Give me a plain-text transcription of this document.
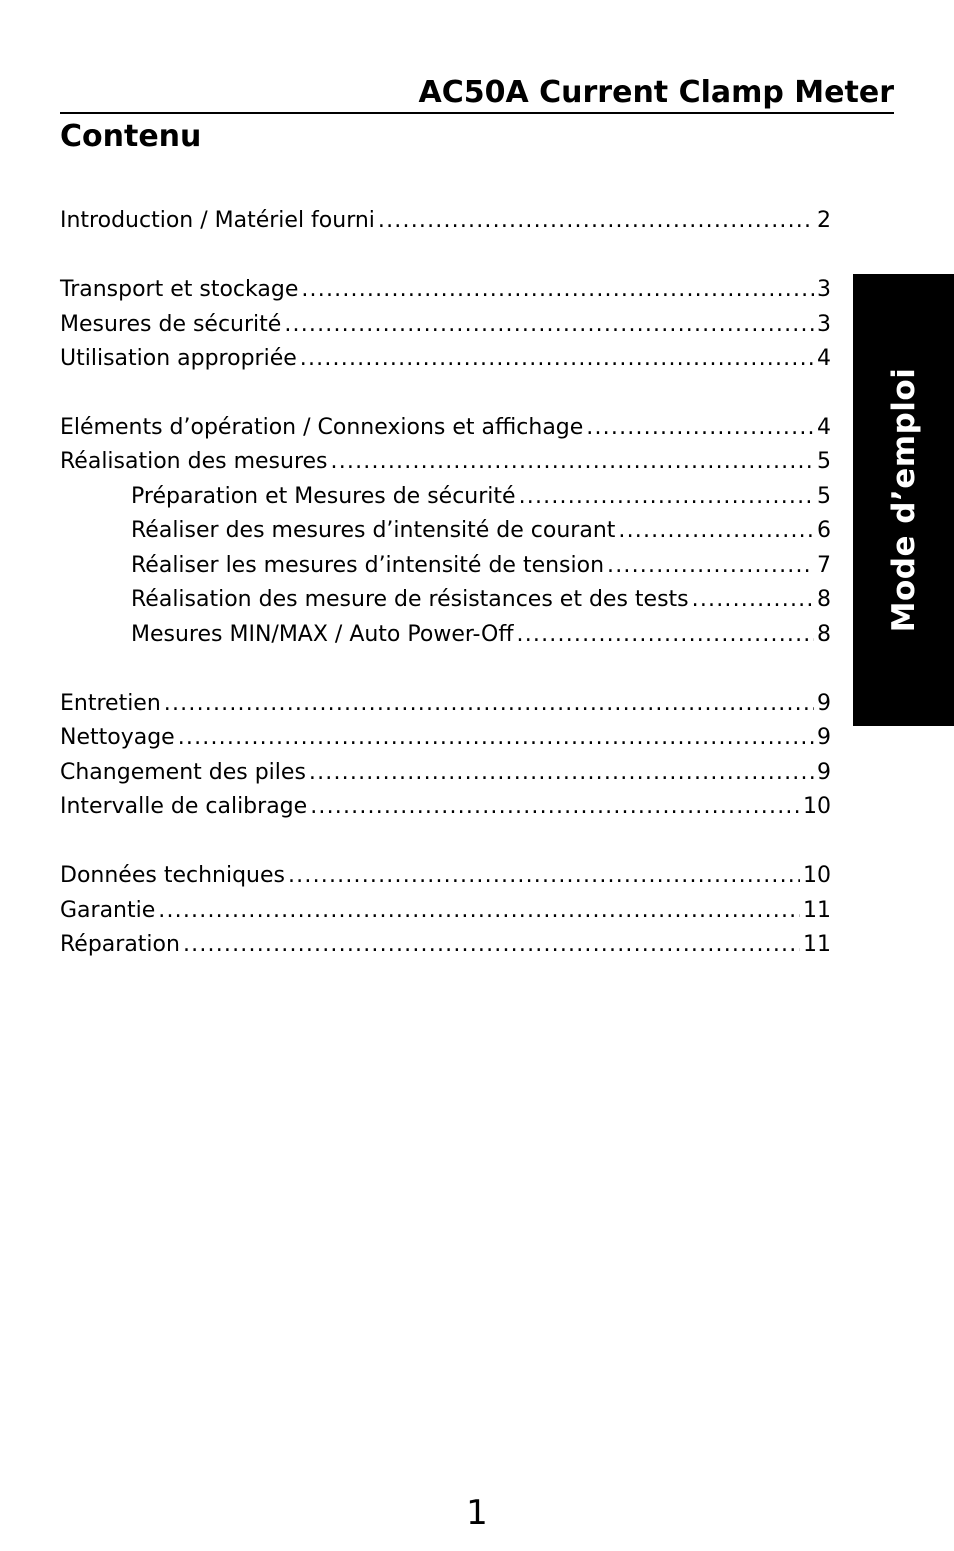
AC50A Current Clamp Meter
Contenu
Mode d’emploi
Introduction / Matériel fourni .....	2
Transport et stockage .....	3
Mesures de sécurité .....	3
Utilisation appropriée .....	4
Eléments d’opération / Connexions et affichage .....	4
Réalisation des mesures .....	5
Préparation et Mesures de sécurité .....	5
Réaliser des mesures d’intensité de courant .....	6
Réaliser les mesures d’intensité de tension .....	7
Réalisation des mesure de résistances et des tests .....	8
Mesures MIN/MAX / Auto Power-Off .....	8
Entretien .....	9
Nettoyage .....	9
Changement des piles .....	9
Intervalle de calibrage .....	10
Données techniques .....	10
Garantie .....	11
Réparation .....	11
1
